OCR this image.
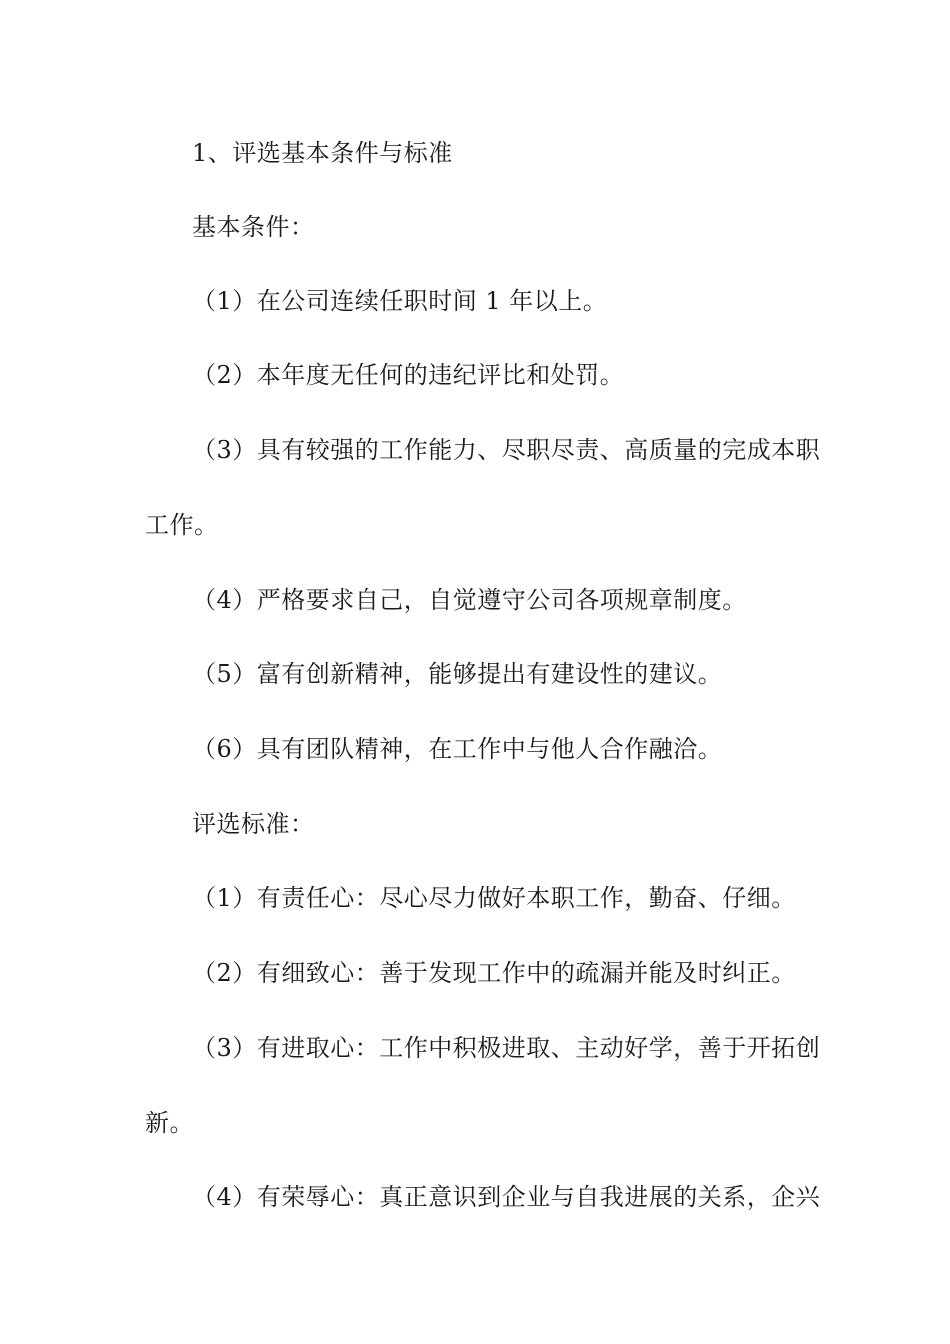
1、评选基本条件与标准
基本条件：
（1）在公司连续任职时间 1 年以上。
（2）本年度无任何的违纪评比和处罚。
（3）具有较强的工作能力、尽职尽责、高质量的完成本职
工作。
（4）严格要求自己，自觉遵守公司各项规章制度。
（5）富有创新精神，能够提出有建设性的建议。
（6）具有团队精神，在工作中与他人合作融洽。
评选标准：
（1）有责任心：尽心尽力做好本职工作，勤奋、仔细。
（2）有细致心：善于发现工作中的疏漏并能及时纠正。
（3）有进取心：工作中积极进取、主动好学，善于开拓创
新。
（4）有荣辱心：真正意识到企业与自我进展的关系，企兴
